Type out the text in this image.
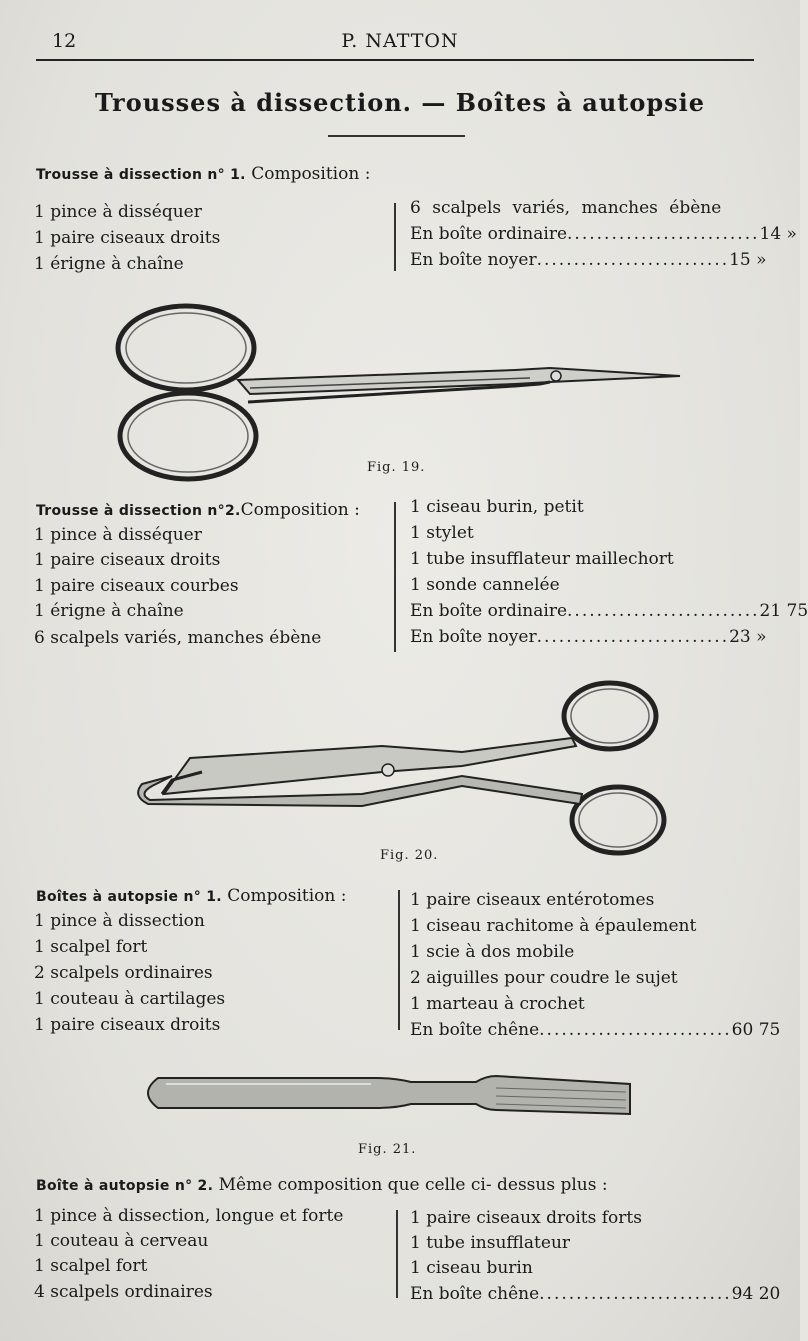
12	P. NATTON
Trousses à dissection. — Boîtes à autopsie
Trousse à dissection n° 1. Composition :
1 pince à disséquer
1 paire ciseaux droits
1 érigne à chaîne
6 scalpels variés, manches ébène
En boîte ordinaire .......................... 14 »
En boîte noyer .......................... 15 »
Fig. 19.
Trousse à dissection n°2.Composition :
1 pince à disséquer
1 paire ciseaux droits
1 paire ciseaux courbes
1 érigne à chaîne
6 scalpels variés, manches ébène
1 ciseau burin, petit
1 stylet
1 tube insufflateur maillechort
1 sonde cannelée
En boîte ordinaire .......................... 21 75
En boîte noyer .......................... 23 »
Fig. 20.
Boîtes à autopsie n° 1. Composition :
1 pince à dissection
1 scalpel fort
2 scalpels ordinaires
1 couteau à cartilages
1 paire ciseaux droits
1 paire ciseaux entérotomes
1 ciseau rachitome à épaulement
1 scie à dos mobile
2 aiguilles pour coudre le sujet
1 marteau à crochet
En boîte chêne .......................... 60 75
Fig. 21.
Boîte à autopsie n° 2. Même composition que celle ci- dessus plus :
1 pince à dissection, longue et forte
1 couteau à cerveau
1 scalpel fort
4 scalpels ordinaires
1 paire ciseaux droits forts
1 tube insufflateur
1 ciseau burin
En boîte chêne .......................... 94 20
